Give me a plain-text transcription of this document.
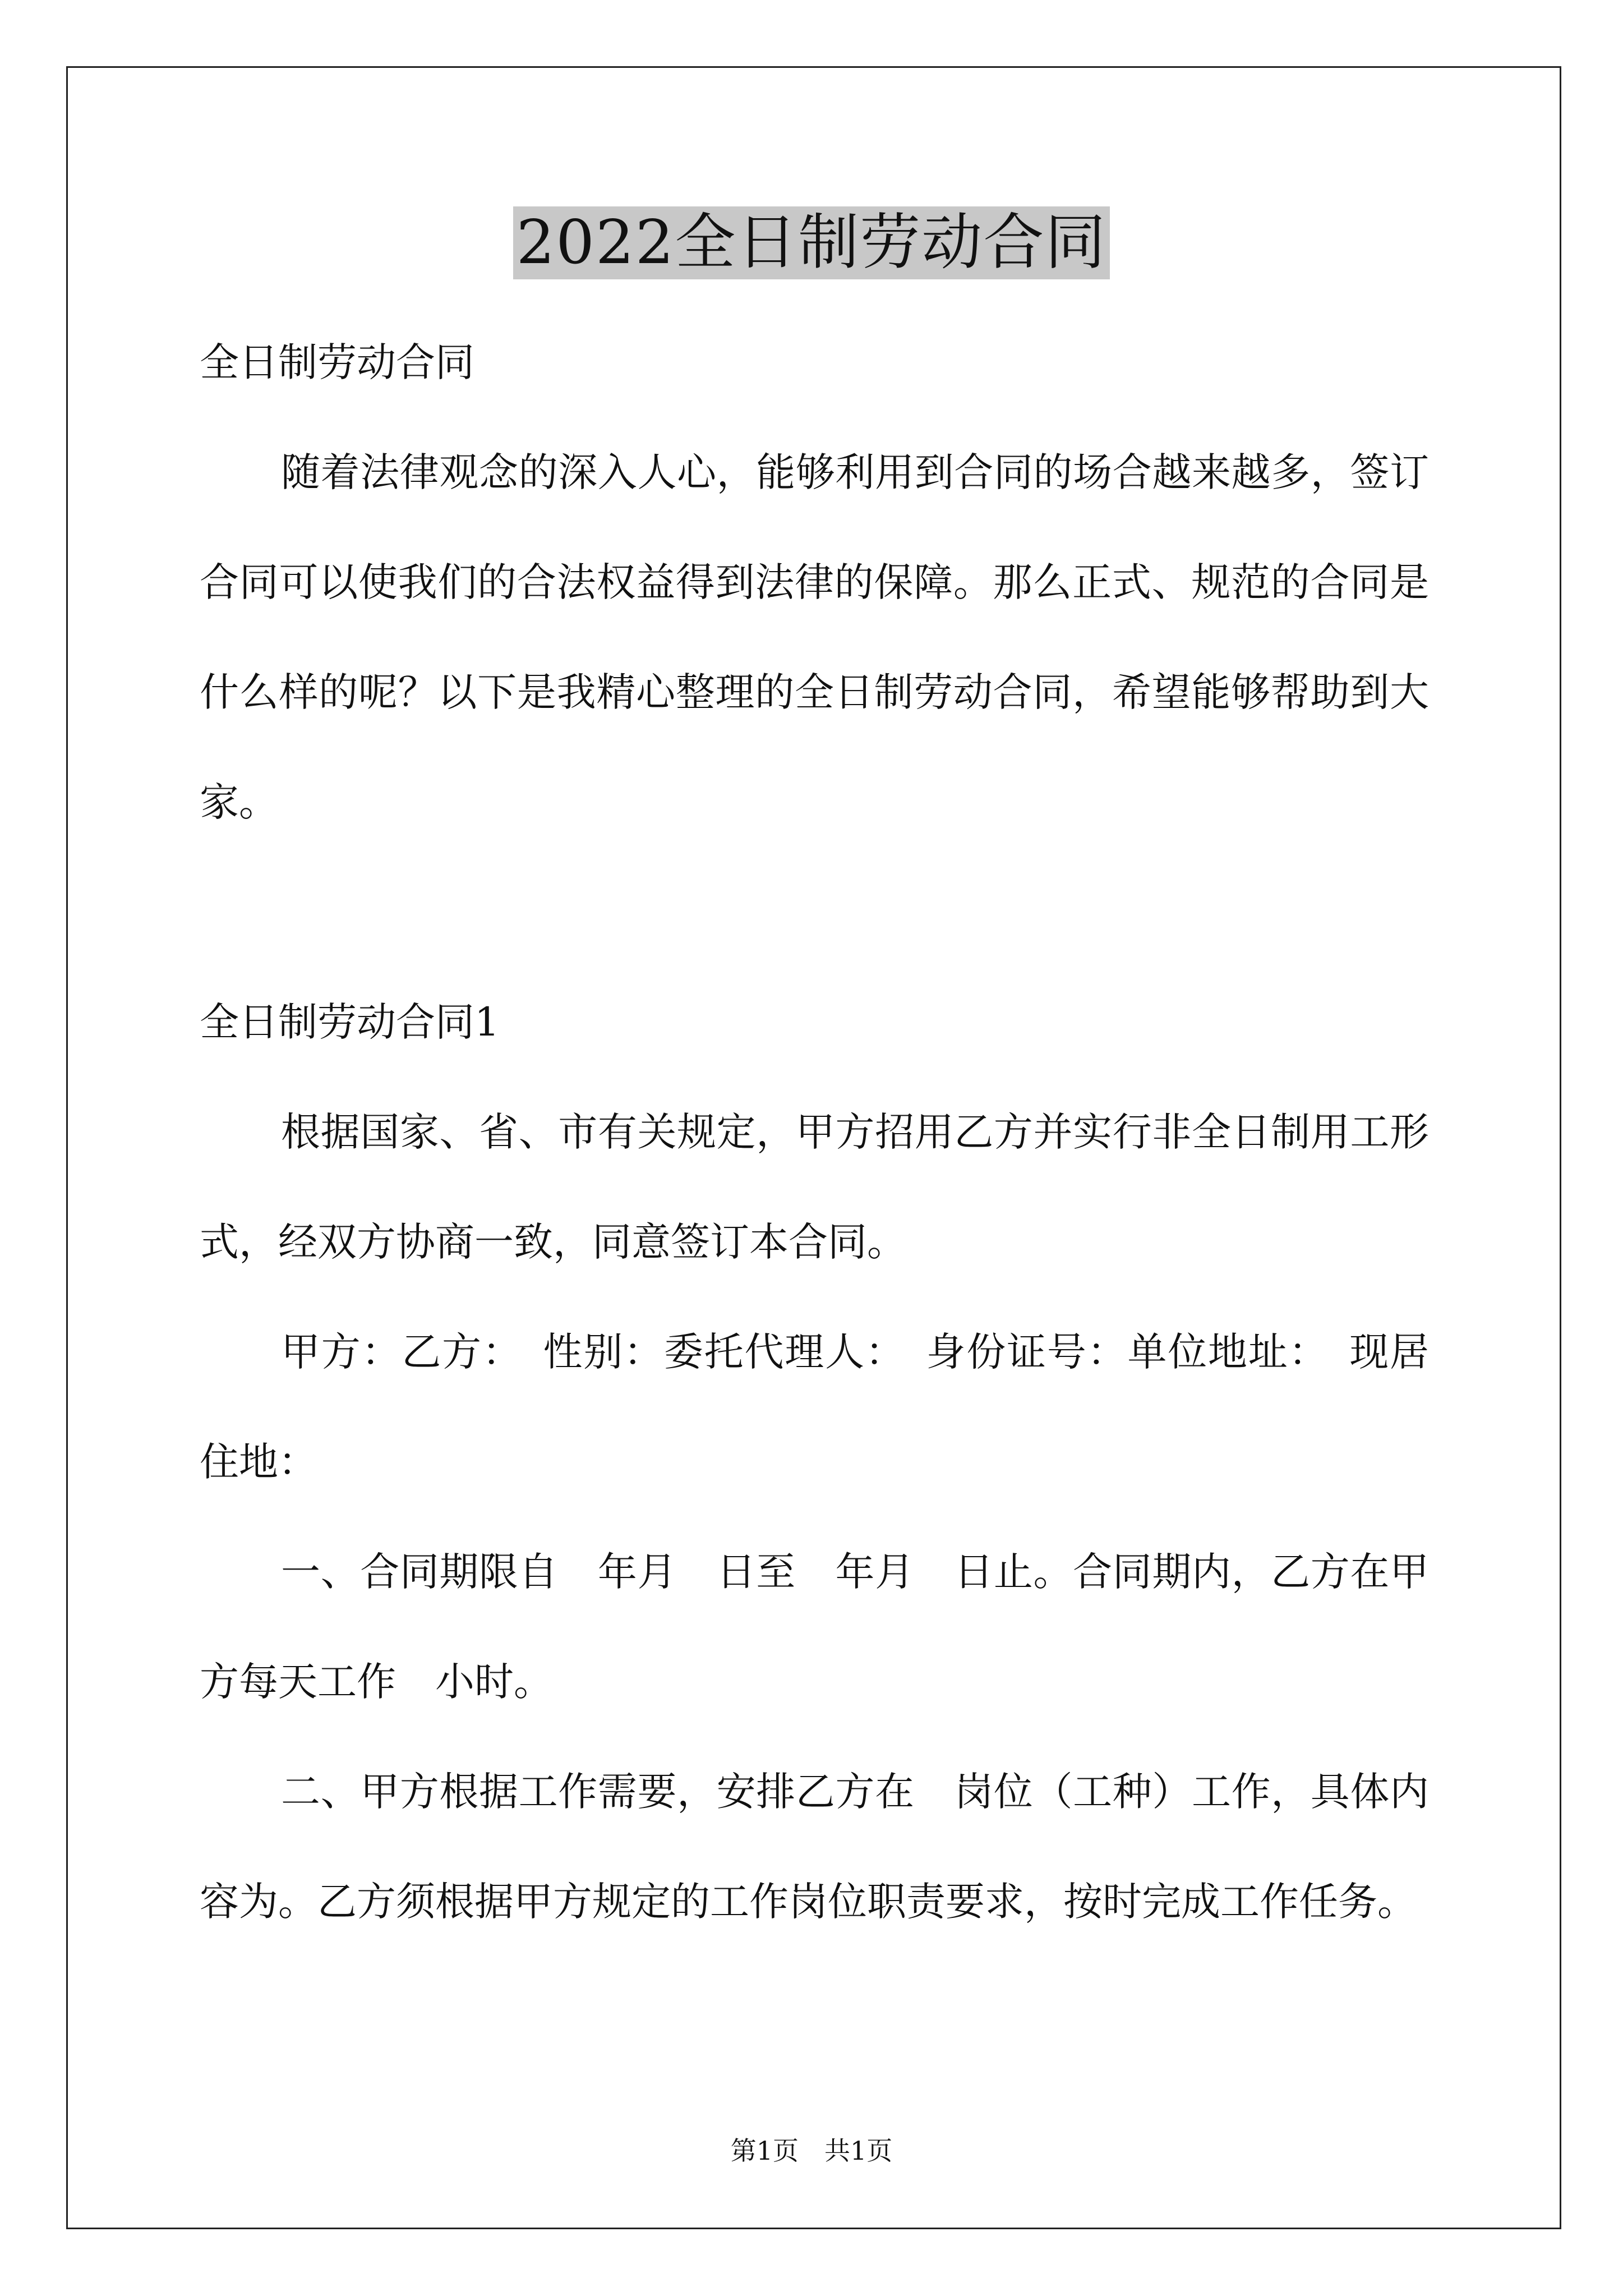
2022全日制劳动合同

全日制劳动合同

随着法律观念的深入人心，能够利用到合同的场合越来越多，签订合同可以使我们的合法权益得到法律的保障。那么正式、规范的合同是什么样的呢？以下是我精心整理的全日制劳动合同，希望能够帮助到大家。

全日制劳动合同1

根据国家、省、市有关规定，甲方招用乙方并实行非全日制用工形式，经双方协商一致，同意签订本合同。

甲方：乙方：　性别：委托代理人：　身份证号：单位地址：　现居住地：

一、合同期限自　年月　日至　年月　日止。合同期内，乙方在甲方每天工作　小时。

二、甲方根据工作需要，安排乙方在　岗位（工种）工作，具体内容为。乙方须根据甲方规定的工作岗位职责要求，按时完成工作任务。

第1页　共1页
